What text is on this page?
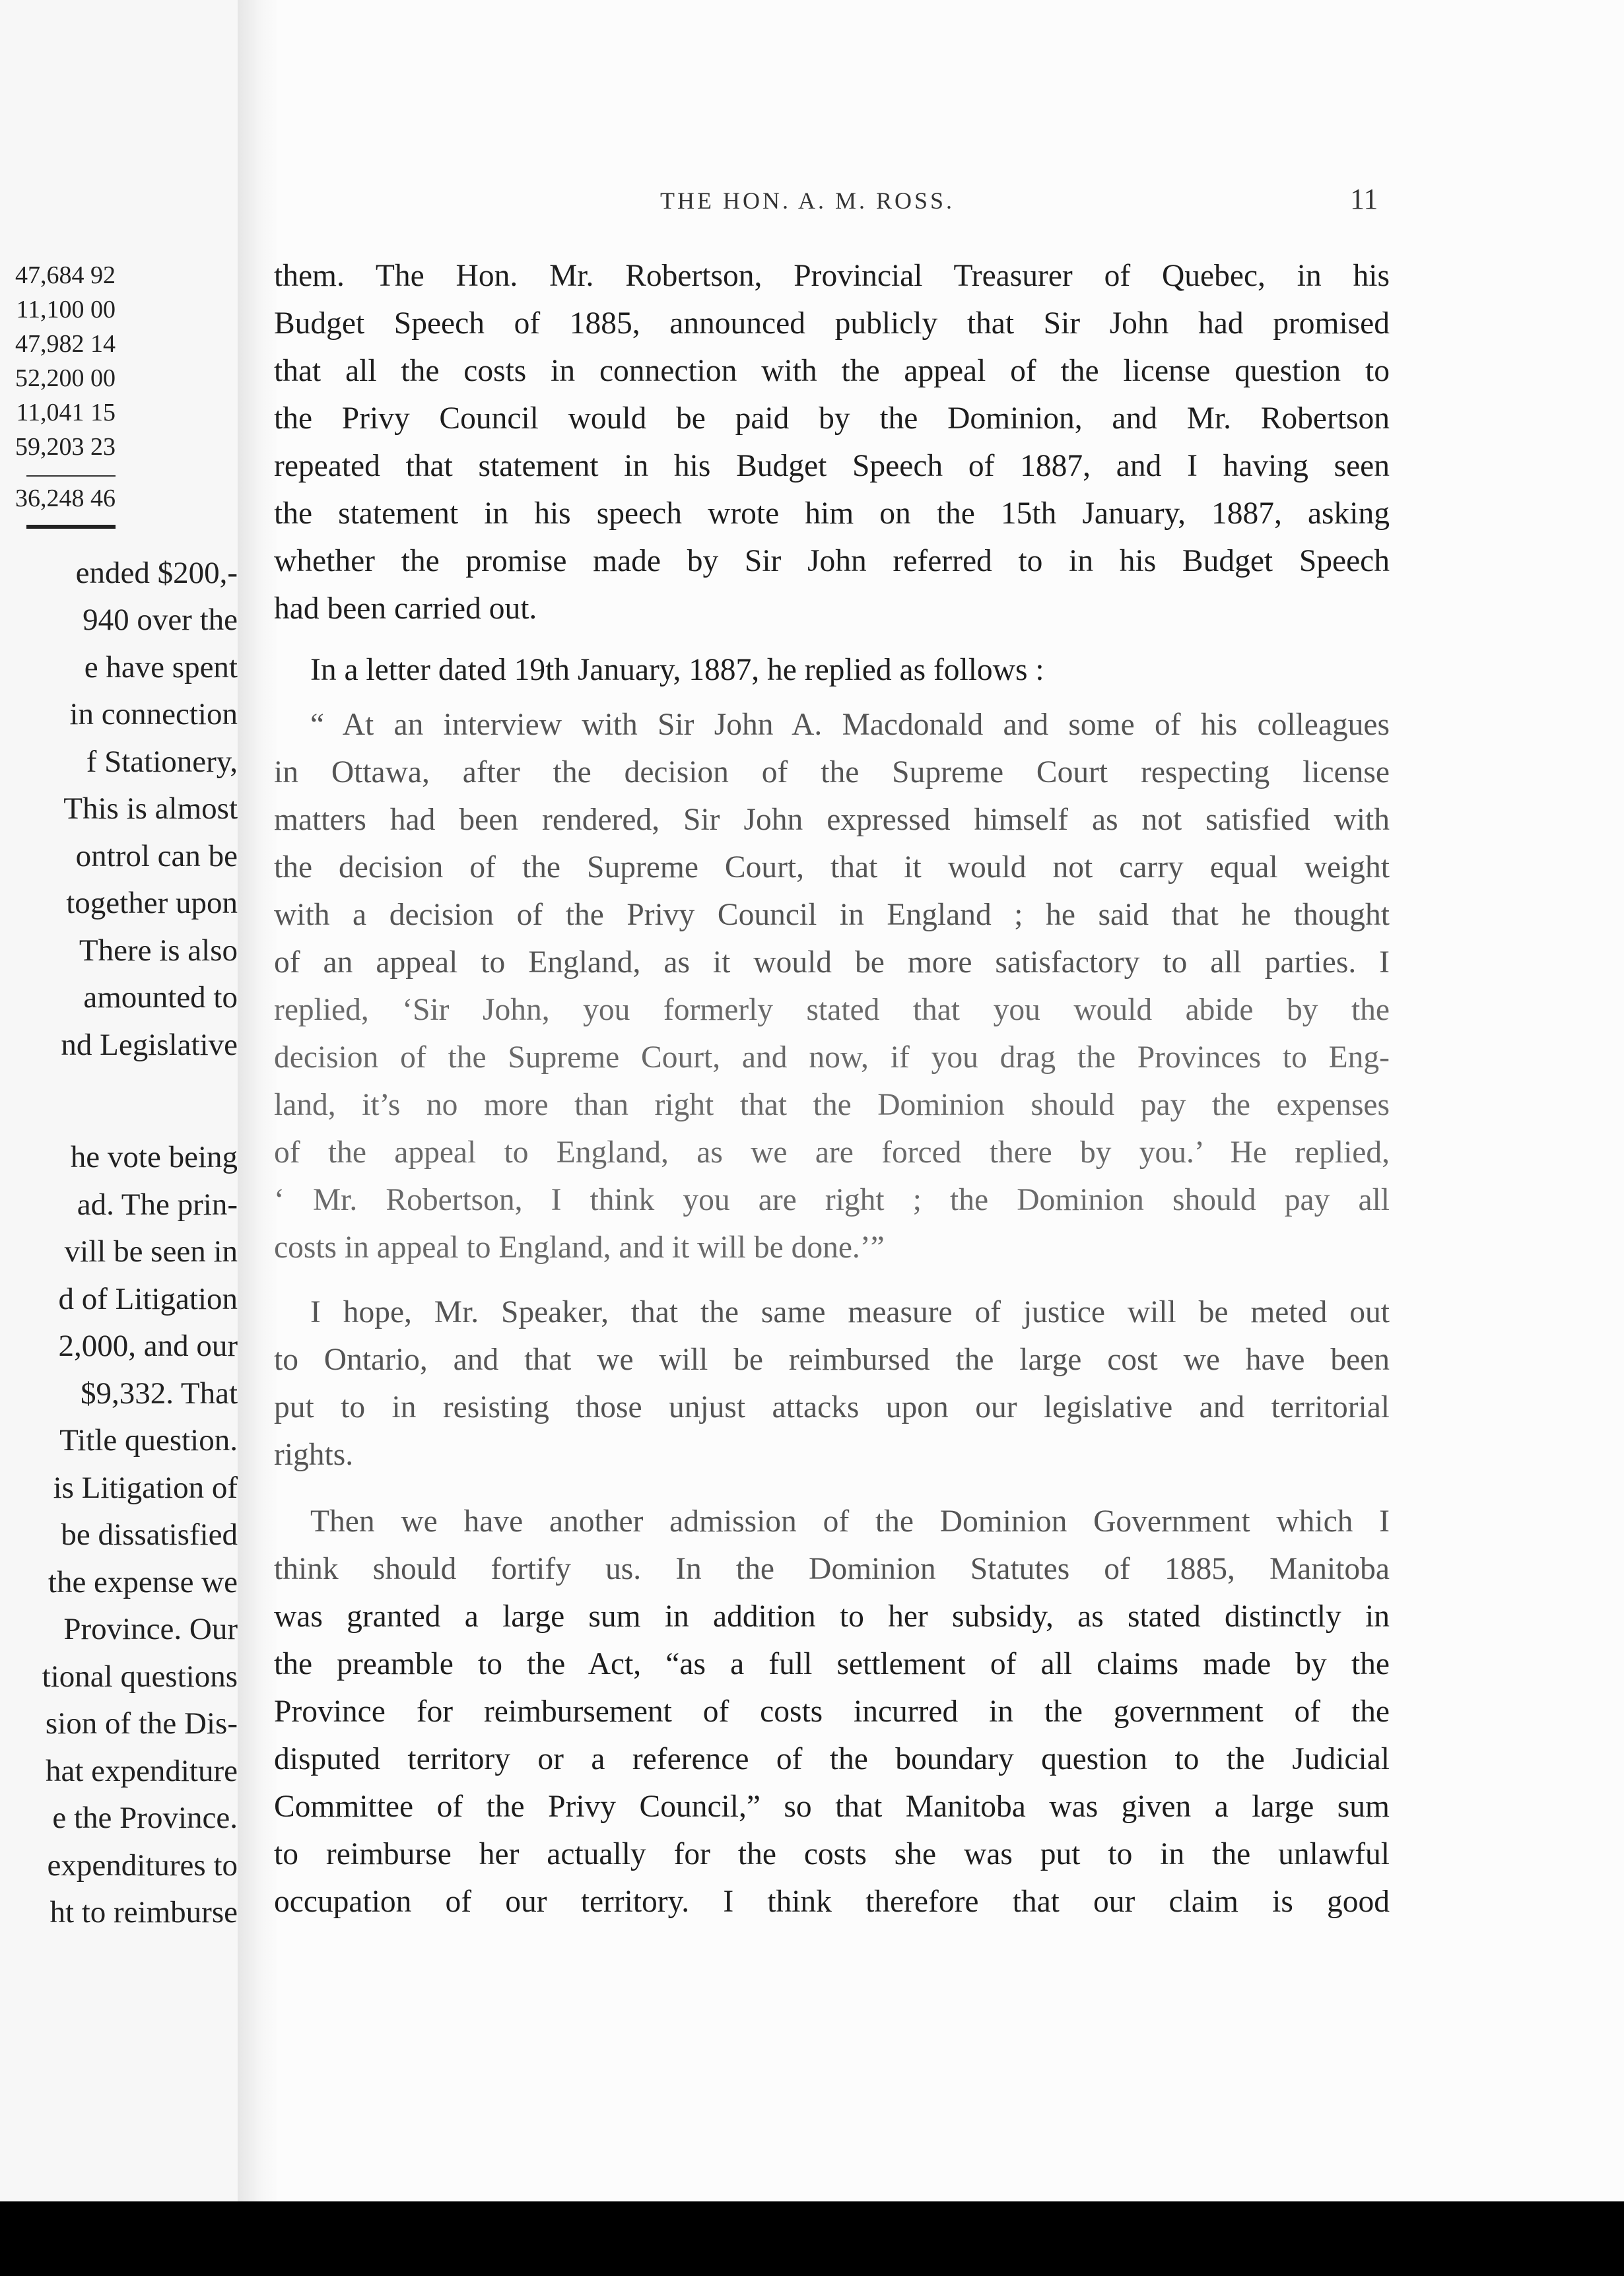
47,684 92
11,100 00
47,982 14
52,200 00
11,041 15
59,203 23
36,248 46
ended $200,-
940 over the
e have spent
in connection
f Stationery,
This is almost
ontrol can be
together upon
There is also
amounted to
nd Legislative
he vote being
ad. The prin-
vill be seen in
d of Litigation
2,000, and our
$9,332. That
Title question.
is Litigation of
be dissatisfied
the expense we
Province. Our
tional questions
sion of the Dis-
hat expenditure
e the Province.
expenditures to
ht to reimburse
THE HON. A. M. ROSS.	11
them. The Hon. Mr. Robertson, Provincial Treasurer of Quebec, in his
Budget Speech of 1885, announced publicly that Sir John had promised
that all the costs in connection with the appeal of the license question to
the Privy Council would be paid by the Dominion, and Mr. Robertson
repeated that statement in his Budget Speech of 1887, and I having seen
the statement in his speech wrote him on the 15th January, 1887, asking
whether the promise made by Sir John referred to in his Budget Speech
had been carried out.
In a letter dated 19th January, 1887, he replied as follows :
“ At an interview with Sir John A. Macdonald and some of his colleagues
in Ottawa, after the decision of the Supreme Court respecting license
matters had been rendered, Sir John expressed himself as not satisfied with
the decision of the Supreme Court, that it would not carry equal weight
with a decision of the Privy Council in England ; he said that he thought
of an appeal to England, as it would be more satisfactory to all parties. I
replied, ‘Sir John, you formerly stated that you would abide by the
decision of the Supreme Court, and now, if you drag the Provinces to Eng-
land, it’s no more than right that the Dominion should pay the expenses
of the appeal to England, as we are forced there by you.’ He replied,
‘ Mr. Robertson, I think you are right ; the Dominion should pay all
costs in appeal to England, and it will be done.’”
I hope, Mr. Speaker, that the same measure of justice will be meted out
to Ontario, and that we will be reimbursed the large cost we have been
put to in resisting those unjust attacks upon our legislative and territorial
rights.
Then we have another admission of the Dominion Government which I
think should fortify us. In the Dominion Statutes of 1885, Manitoba
was granted a large sum in addition to her subsidy, as stated distinctly in
the preamble to the Act, “as a full settlement of all claims made by the
Province for reimbursement of costs incurred in the government of the
disputed territory or a reference of the boundary question to the Judicial
Committee of the Privy Council,” so that Manitoba was given a large sum
to reimburse her actually for the costs she was put to in the unlawful
occupation of our territory. I think therefore that our claim is good
